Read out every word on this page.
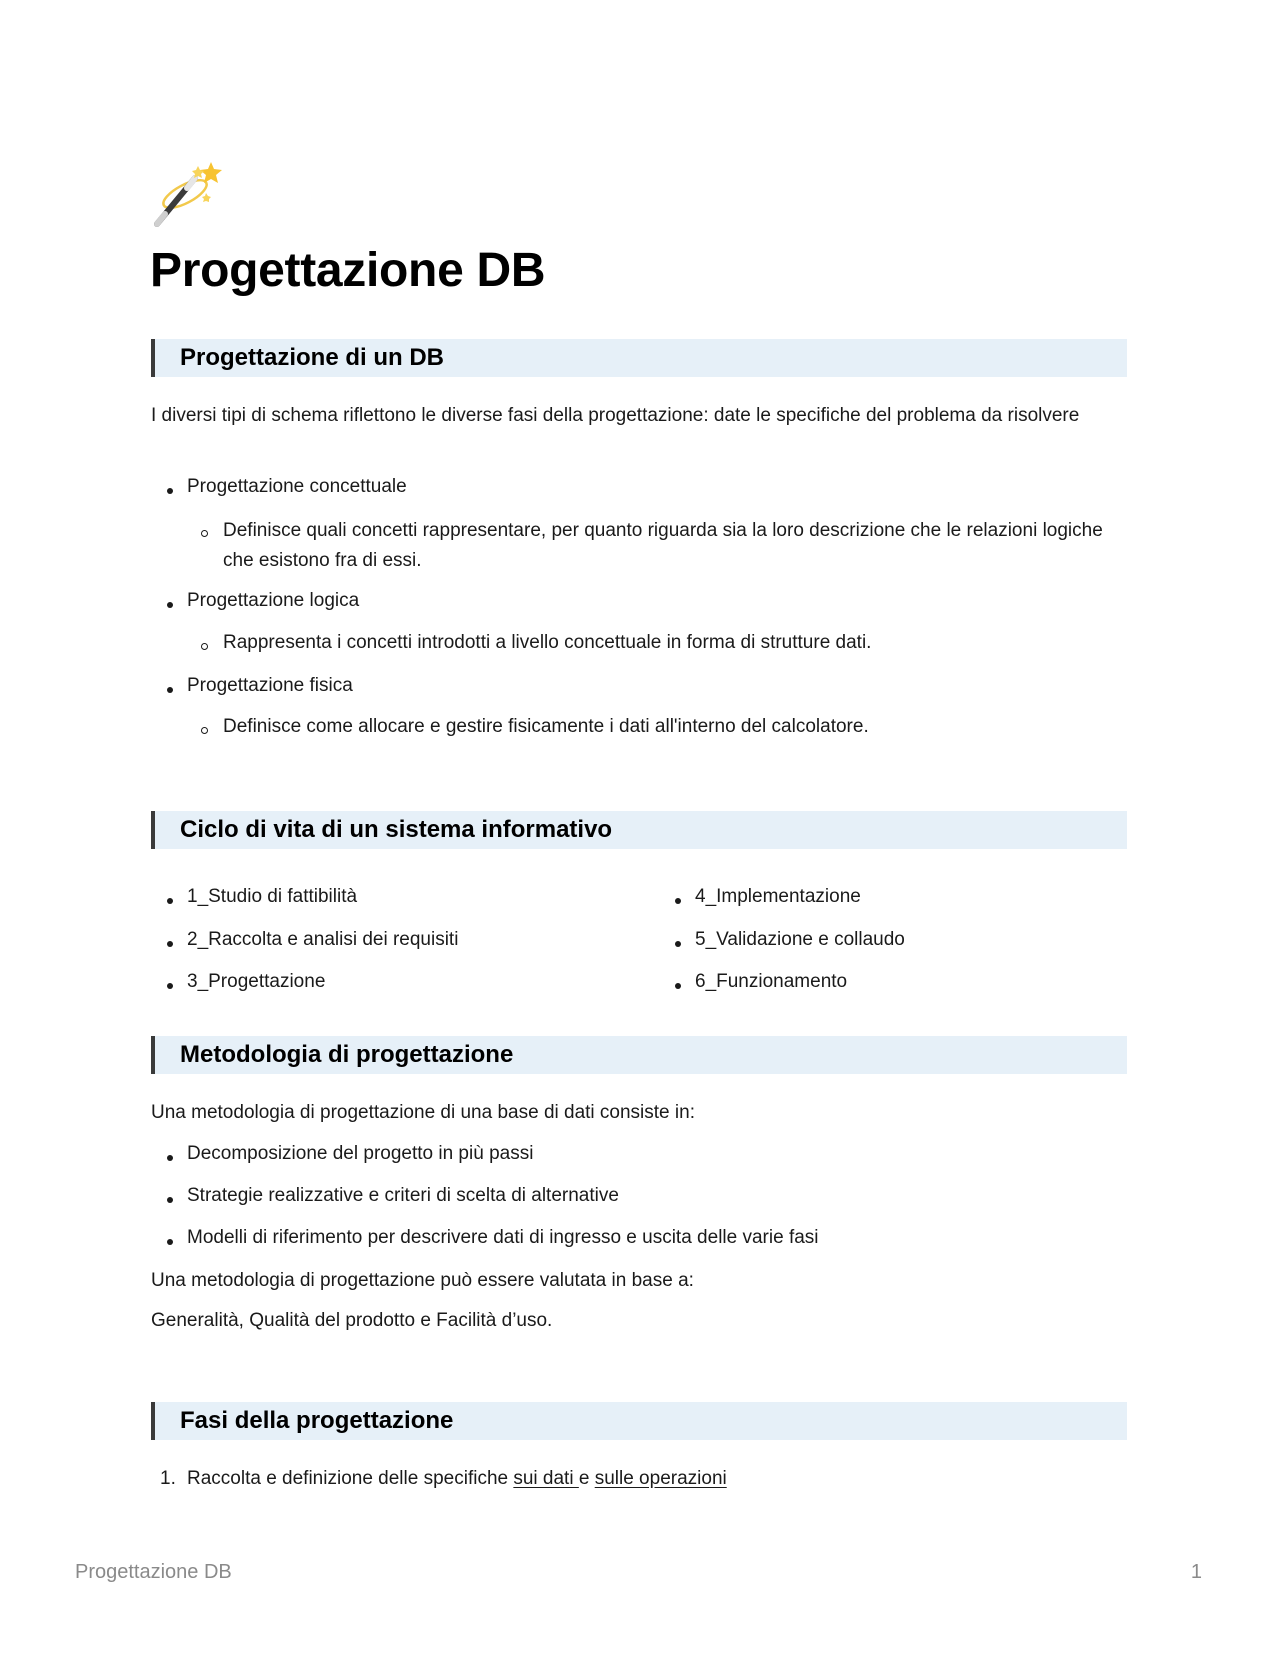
Progettazione DB
Progettazione di un DB

I diversi tipi di schema riflettono le diverse fasi della progettazione: date le specifiche del problema da risolvere

Progettazione concettuale

Definisce quali concetti rappresentare, per quanto riguarda sia la loro descrizione che le relazioni logiche che esistono fra di essi.

Progettazione logica

Rappresenta i concetti introdotti a livello concettuale in forma di strutture dati.

Progettazione fisica

Definisce come allocare e gestire fisicamente i dati all'interno del calcolatore.

Ciclo di vita di un sistema informativo

1_Studio di fattibilità

2_Raccolta e analisi dei requisiti

3_Progettazione

4_Implementazione

5_Validazione e collaudo

6_Funzionamento

Metodologia di progettazione

Una metodologia di progettazione di una base di dati consiste in:

Decomposizione del progetto in più passi

Strategie realizzative e criteri di scelta di alternative

Modelli di riferimento per descrivere dati di ingresso e uscita delle varie fasi

Una metodologia di progettazione può essere valutata in base a:

Generalità, Qualità del prodotto e Facilità d’uso.

Fasi della progettazione
1. Raccolta e definizione delle specifiche sui dati e sulle operazioni

Progettazione DB	1
